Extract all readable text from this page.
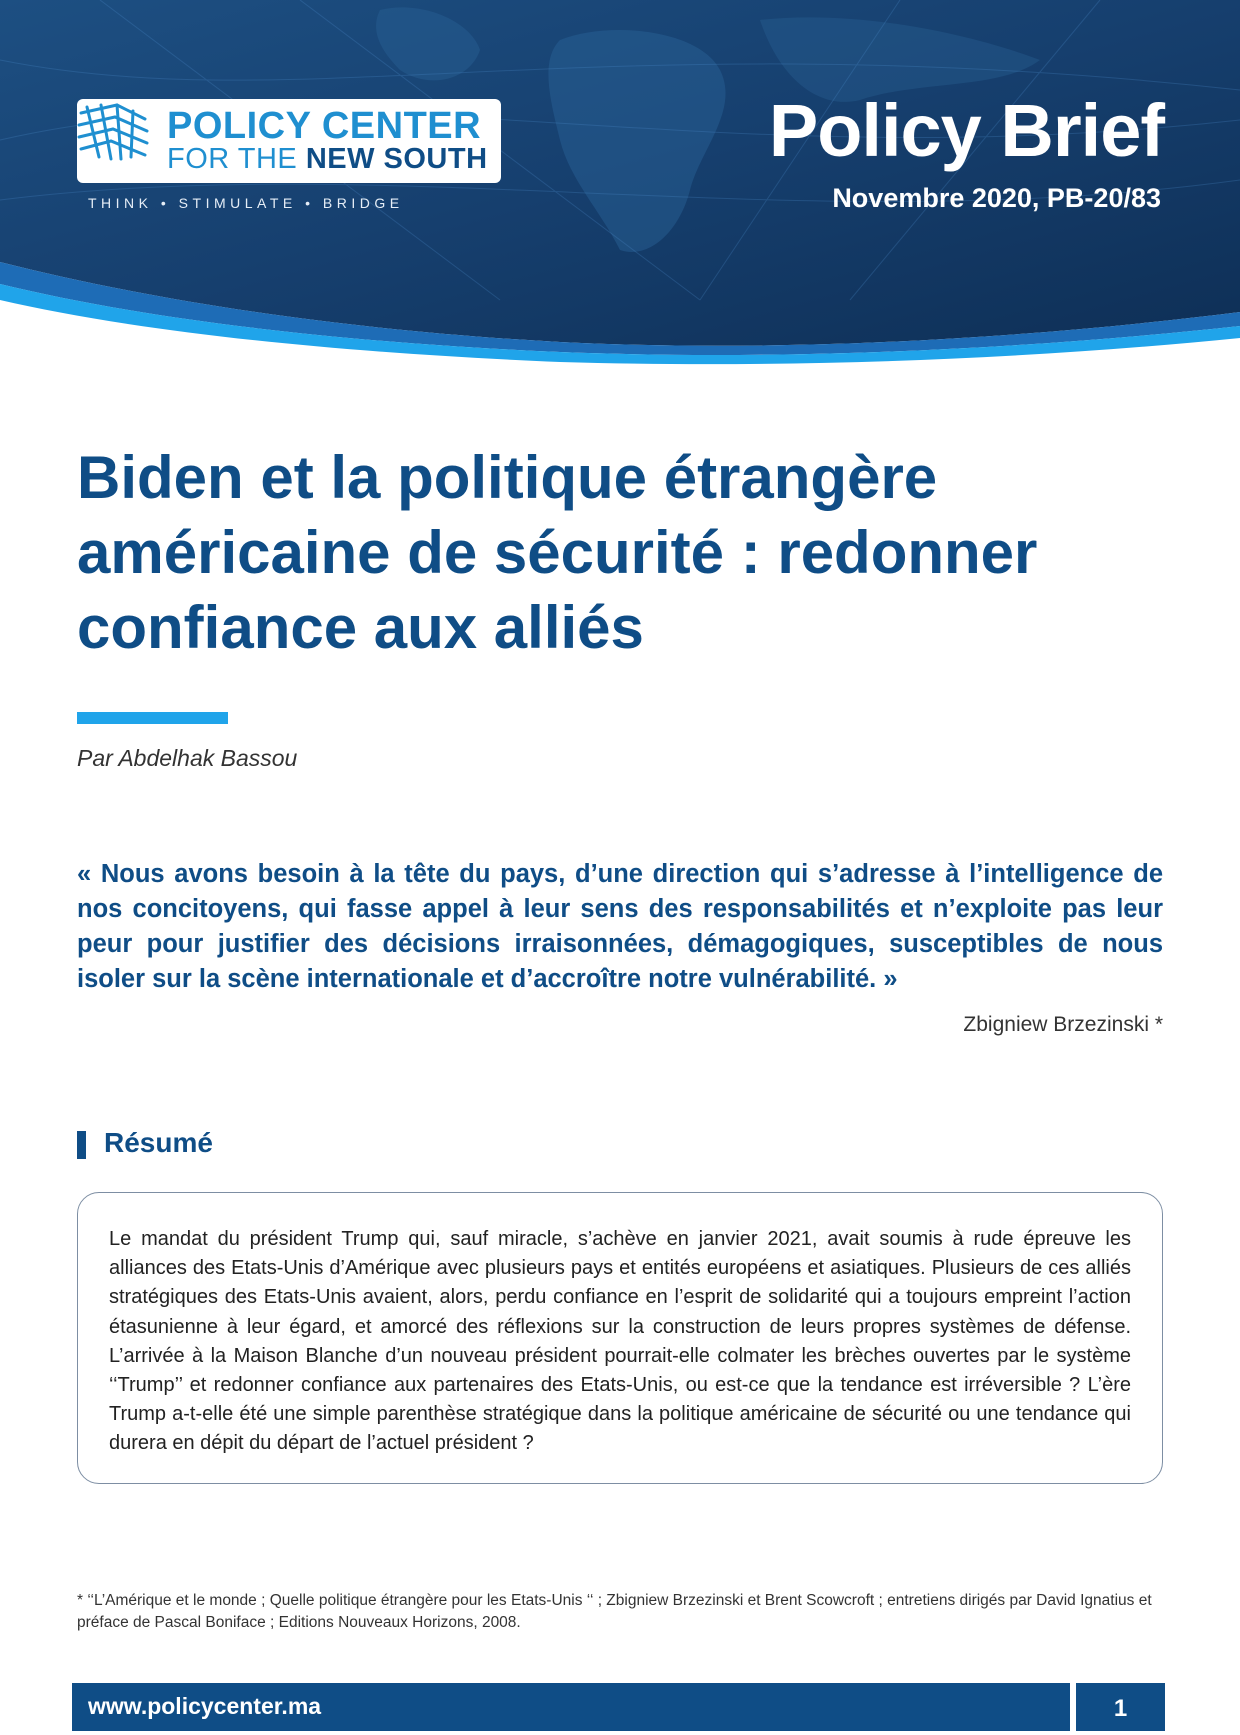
POLICY CENTER
FOR THE NEW SOUTH
THINK • STIMULATE • BRIDGE
Policy Brief
Novembre 2020, PB-20/83
Biden et la politique étrangère américaine de sécurité : redonner confiance aux alliés
Par Abdelhak Bassou
« Nous avons besoin à la tête du pays, d’une direction qui s’adresse à l’intelligence de nos concitoyens, qui fasse appel à leur sens des responsabilités et n’exploite pas leur peur pour justifier des décisions irraisonnées, démagogiques, susceptibles de nous isoler sur la scène internationale et d’accroître notre vulnérabilité. »
Zbigniew Brzezinski *
Résumé
Le mandat du président Trump qui, sauf miracle, s’achève en janvier 2021, avait soumis à rude épreuve les alliances des Etats-Unis d’Amérique avec plusieurs pays et entités européens et asiatiques. Plusieurs de ces alliés stratégiques des Etats-Unis avaient, alors, perdu confiance en l’esprit de solidarité qui a toujours empreint l’action étasunienne à leur égard, et amorcé des réflexions sur la construction de leurs propres systèmes de défense. L’arrivée à la Maison Blanche d’un nouveau président pourrait-elle colmater les brèches ouvertes par le système ‘‘Trump’’ et redonner confiance aux partenaires des Etats-Unis, ou est-ce que la tendance est irréversible ? L’ère Trump a-t-elle été une simple parenthèse stratégique dans la politique américaine de sécurité ou une tendance qui durera en dépit du départ de l’actuel président ?
* ‘‘L’Amérique et le monde ; Quelle politique étrangère pour les Etats-Unis ‘‘ ; Zbigniew Brzezinski et Brent Scowcroft ; entretiens dirigés par David Ignatius et préface de Pascal Boniface ; Editions Nouveaux Horizons, 2008.
www.policycenter.ma	1
